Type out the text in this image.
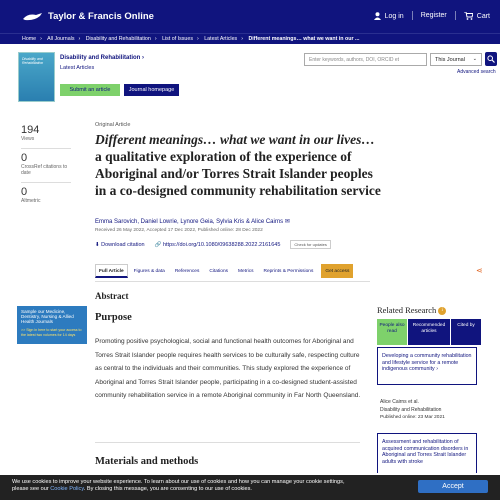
Taylor & Francis Online	Log in Register	Cart
Home › All Journals › Disability and Rehabilitation › List of Issues › Latest Articles › Different meanings… what we want in our ...
Disability and Rehabilitation
Disability and Rehabilitation ›
Latest Articles
Submit an article	Journal homepage
Enter keywords, authors, DOI, ORCID et	This Journal ⌄
Advanced search
194
Views
0
CrossRef citations to date
0
Altmetric
Original Article
Different meanings… what we want in our lives… a qualitative exploration of the experience of Aboriginal and/or Torres Strait Islander peoples in a co-designed community rehabilitation service
Emma Sarovich, Daniel Lowrie, Lynore Geia, Sylvia Kris & Alice Cairns ✉
Received 26 May 2022, Accepted 17 Dec 2022, Published online: 28 Dec 2022
⬇ Download citation 🔗 https://doi.org/10.1080/09638288.2022.2161645	Check for updates
Full Article	Figures & data	References	Citations	Metrics	Reprints & Permissions	Get access	⋖
Sample our Medicine, Dentistry, Nursing & Allied Health Journals
>> Sign in here to start your access to the latest two volumes for 14 days
Abstract
Purpose

Promoting positive psychological, social and functional health outcomes for Aboriginal and Torres Strait Islander people requires health services to be culturally safe, respecting culture as central to the individuals and their communities. This study explored the experience of Aboriginal and Torres Strait Islander people, participating in a co-designed student-assisted community rehabilitation service in a remote Aboriginal community in Far North Queensland.

Materials and methods
Related Research i
People also read
Recommended articles
Cited by
Developing a community rehabilitation and lifestyle service for a remote indigenous community ›
Alice Cairns et al.
Disability and Rehabilitation
Published online: 23 Mar 2021
Assessment and rehabilitation of acquired communication disorders in Aboriginal and Torres Strait Islander adults with stroke
We use cookies to improve your website experience. To learn about our use of cookies and how you can manage your cookie settings,
please see our Cookie Policy. By closing this message, you are consenting to our use of cookies.	Accept
